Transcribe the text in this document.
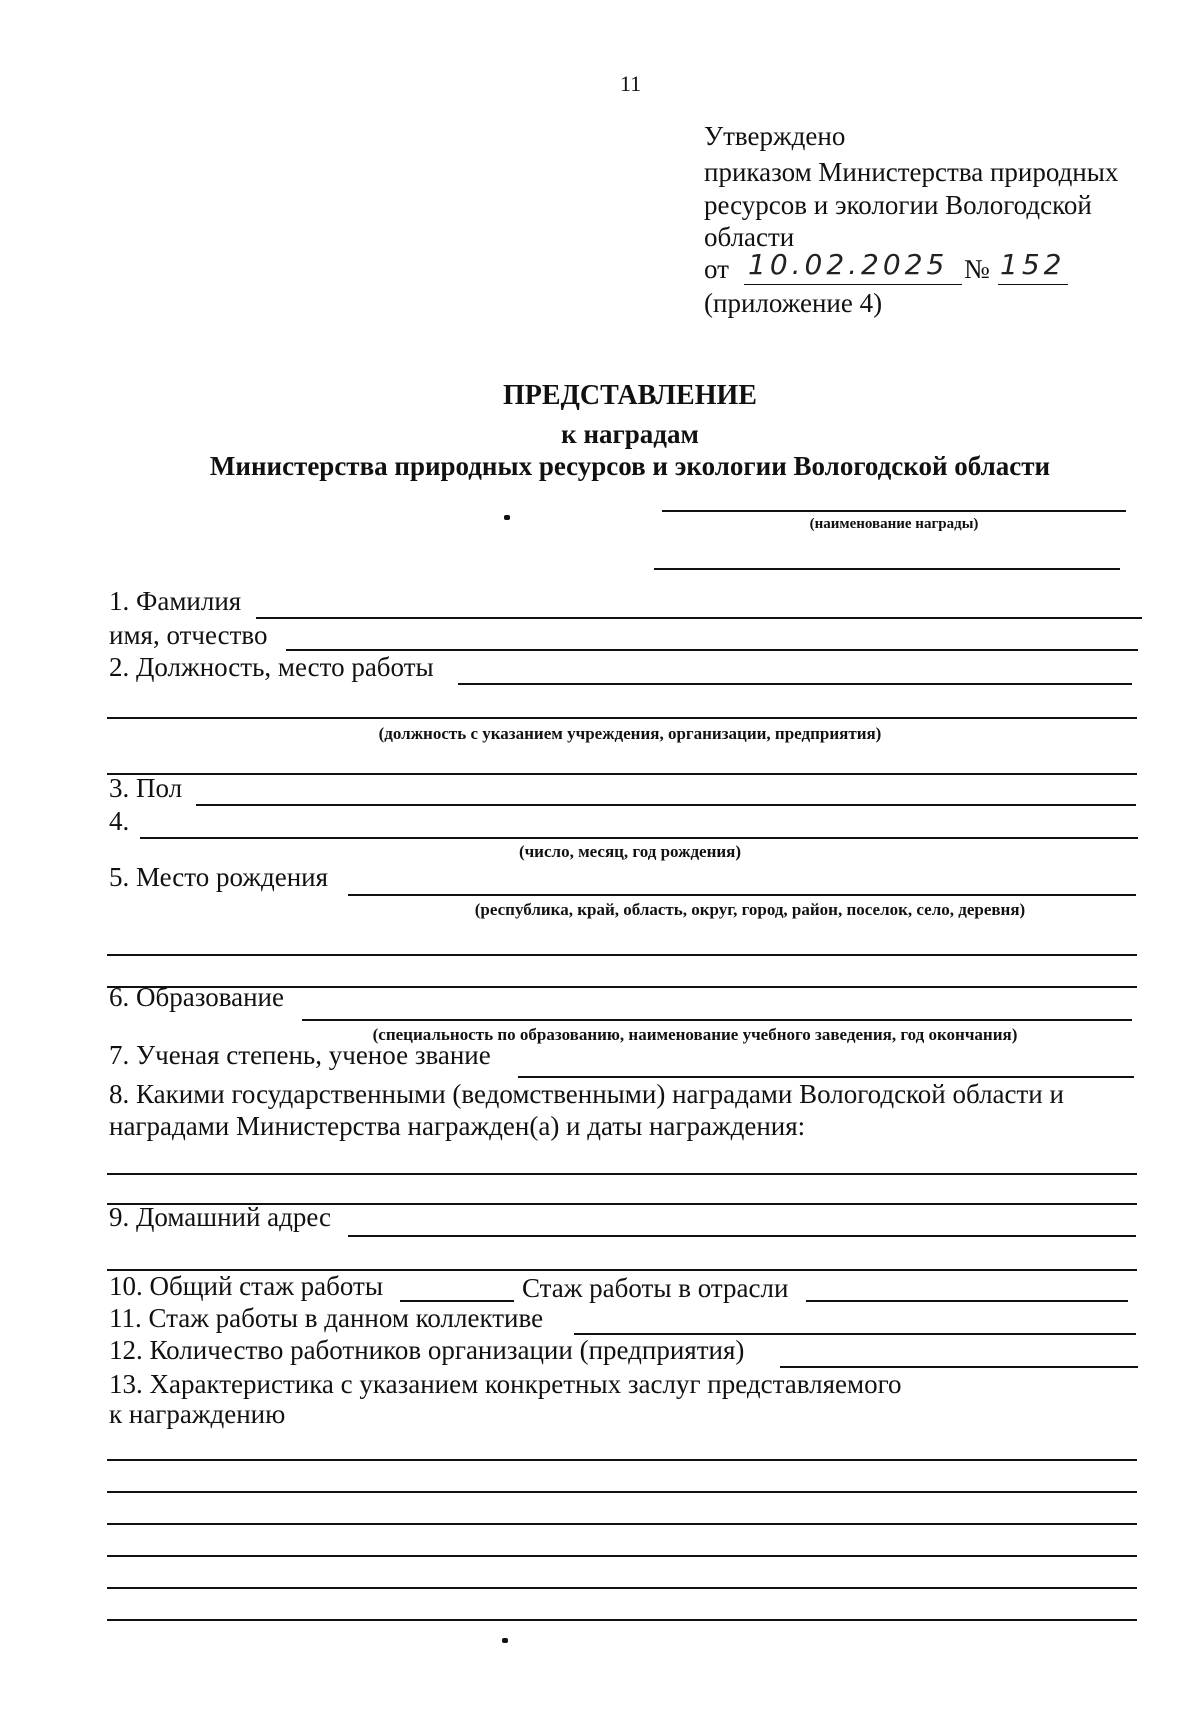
11
Утверждено
приказом Министерства природных
ресурсов и экологии Вологодской
области
от 10.02.2025 № 152
(приложение 4)
ПРЕДСТАВЛЕНИЕ
к наградам
Министерства природных ресурсов и экологии Вологодской области
(наименование награды)
1. Фамилия
имя, отчество
2. Должность, место работы
(должность с указанием учреждения, организации, предприятия)
3. Пол
4.
(число, месяц, год рождения)
5. Место рождения
(республика, край, область, округ, город, район, поселок, село, деревня)
6. Образование
(специальность по образованию, наименование учебного заведения, год окончания)
7. Ученая степень, ученое звание
8. Какими государственными (ведомственными) наградами Вологодской области и
наградами Министерства награжден(а) и даты награждения:
9. Домашний адрес
10. Общий стаж работы	Стаж работы в отрасли
11. Стаж работы в данном коллективе
12. Количество работников организации (предприятия)
13. Характеристика с указанием конкретных заслуг представляемого
к награждению
